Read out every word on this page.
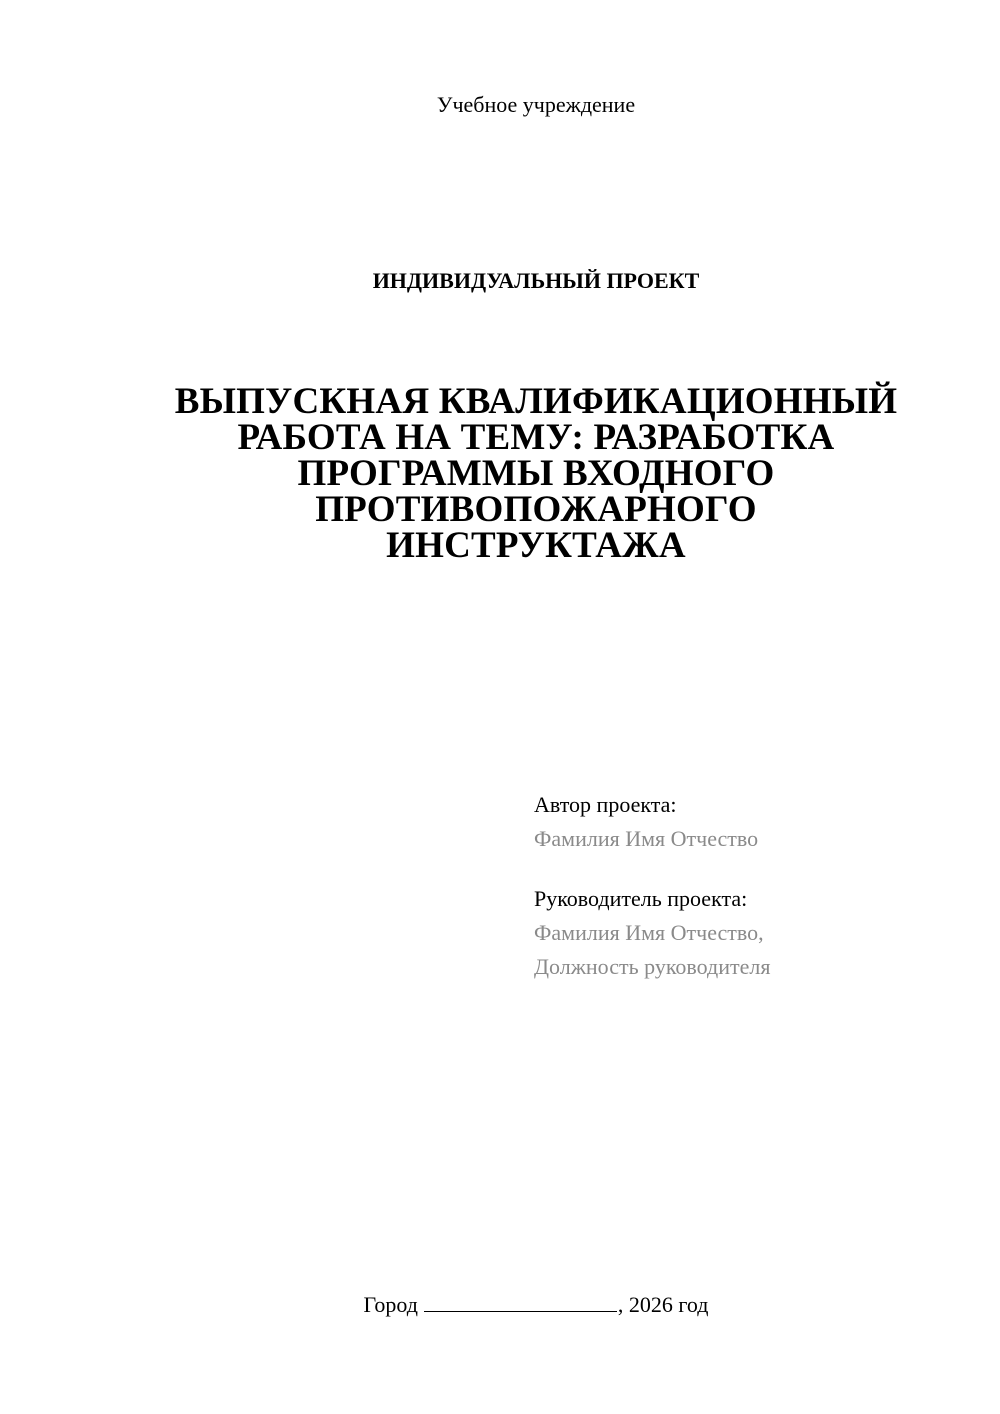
Учебное учреждение
ИНДИВИДУАЛЬНЫЙ ПРОЕКТ
ВЫПУСКНАЯ КВАЛИФИКАЦИОННЫЙ
РАБОТА НА ТЕМУ: РАЗРАБОТКА
ПРОГРАММЫ ВХОДНОГО
ПРОТИВОПОЖАРНОГО
ИНСТРУКТАЖА
Автор проекта:
Фамилия Имя Отчество
Руководитель проекта:
Фамилия Имя Отчество,
Должность руководителя
Город	, 2026 год
